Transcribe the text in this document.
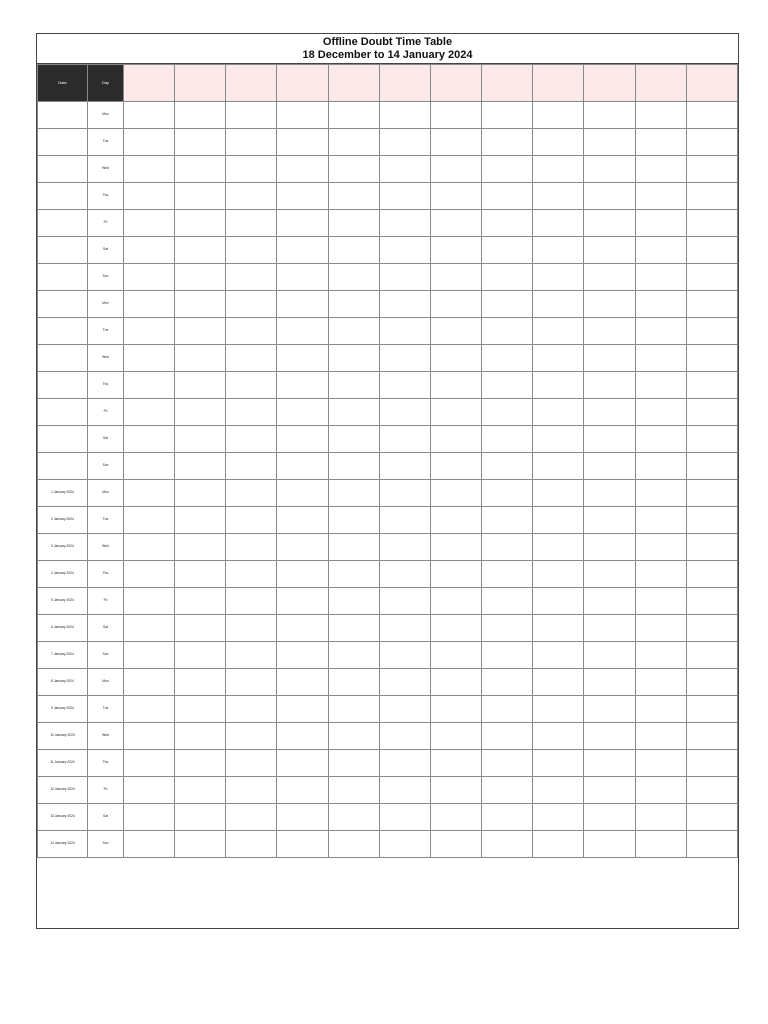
Offline Doubt Time Table
18 December to 14 January 2024
Date	Day												
	Mon												
	Tue												
	Wed												
	Thu												
	Fri												
	Sat												
	Sun												
	Mon												
	Tue												
	Wed												
	Thu												
	Fri												
	Sat												
	Sun												
1 January 2024	Mon												
2 January 2024	Tue												
3 January 2024	Wed												
4 January 2024	Thu												
5 January 2024	Fri												
6 January 2024	Sat												
7 January 2024	Sun												
8 January 2024	Mon												
9 January 2024	Tue												
10 January 2024	Wed												
11 January 2024	Thu												
12 January 2024	Fri												
13 January 2024	Sat												
14 January 2024	Sun												
